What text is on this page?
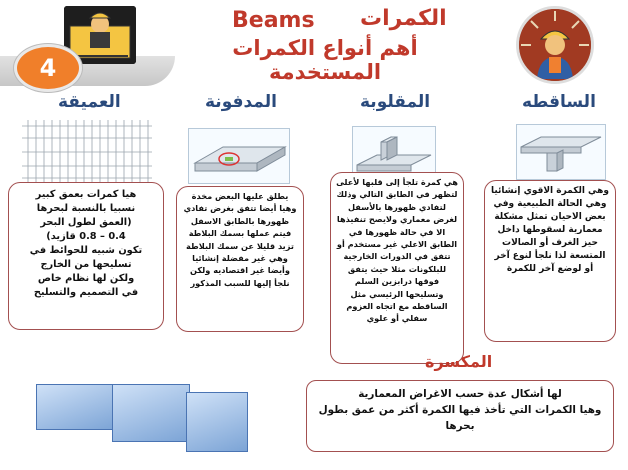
4
الكمرات
Beams
أهم أنواع الكمرات المستخدمة
الساقطه
المقلوبة
المدفونة
العميقة
وهي الكمرة الاقوي إنشائيا وهي الحالة الطبيعية وفي بعض الاحيان تمثل مشكلة معمارية لسقوطها داخل حيز الغرف أو الصالات المتسعة لذا نلجأ لنوع آخر أو لوضع آخر للكمرة
هي كمرة تلجأ إلى قلبها لأعلى لتظهر في الطابق التالي وذلك لتفادي ظهورها بالأسفل لغرض معماري ولايصح تنفيذها الا في حالة ظهورها في الطابق الاعلي غير مستخدم أو تتفق في الدورات الخارجية للبلكونات مثلا حيث يتفق فوقها درابزين السلم وتسليحها الرئيسي مثل الساقطه مع اتجاه العزوم سفلي أو علوي
يطلق عليها البعض مخدة وهيا أيضا تتفق بغرض تفادي ظهورها بالطابق الاسفل فيتم عملها بسمك البلاطة تزيد قليلا عن سمك البلاطة وهي غير مفضلة إنشائيا وأيضا غير اقتصاديه ولكن نلجأ إليها للسبب المذكور
هيا كمرات بعمق كبير
نسبيا بالنسبة لبحرها
(العمق لطول البحر
0.4 – 0.8 قازيد)
تكون شبيه للحوائط في
تسليحها من الخارج
ولكن لها نظام خاص
في التصميم والتسليح
المكسرة
لها أشكال عدة حسب الاغراض المعمارية
وهيا الكمرات التي تأخذ فيها الكمرة أكثر من عمق بطول بحرها
